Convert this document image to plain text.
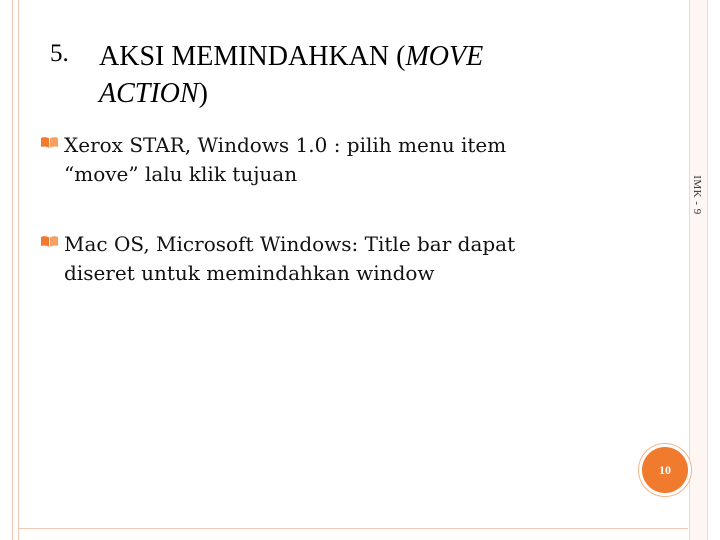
5. AKSI MEMINDAHKAN (MOVE
ACTION)
Xerox STAR, Windows 1.0 : pilih menu item
“move” lalu klik tujuan
Mac OS, Microsoft Windows: Title bar dapat
diseret untuk memindahkan window
IMK - 9
10
